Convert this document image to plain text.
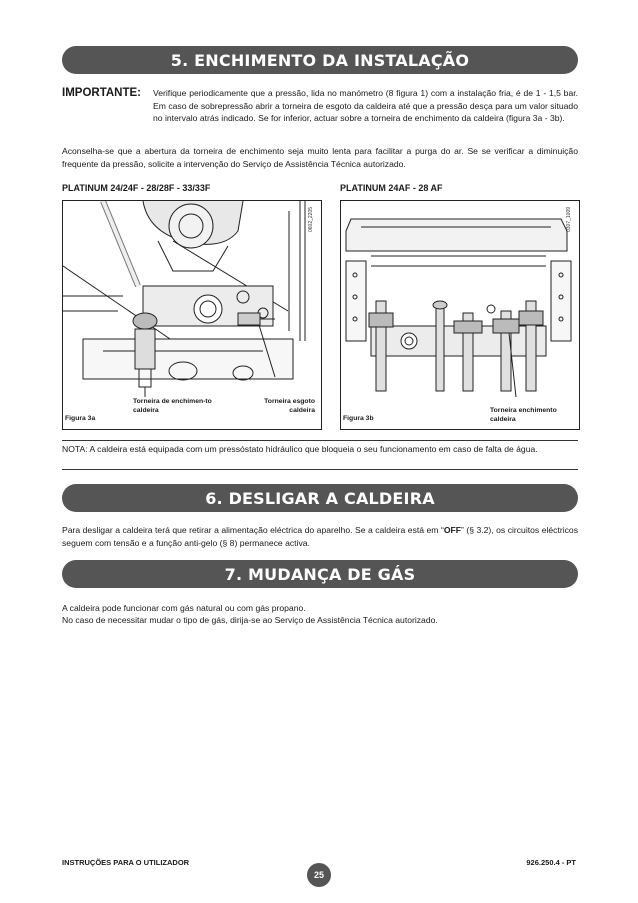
5. ENCHIMENTO DA INSTALAÇÃO
IMPORTANTE: Verifique periodicamente que a pressão, lida no manómetro (8 figura 1) com a instalação fria, é de 1 - 1,5 bar. Em caso de sobrepressão abrir a torneira de esgoto da caldeira até que a pressão desça para um valor situado no intervalo atrás indicado. Se for inferior, actuar sobre a torneira de enchimento da caldeira (figura 3a - 3b).
Aconselha-se que a abertura da torneira de enchimento seja muito lenta para facilitar a purga do ar. Se se verificar a diminuição frequente da pressão, solicite a intervenção do Serviço de Assistência Técnica autorizado.
PLATINUM 24/24F - 28/28F - 33/33F	PLATINUM 24AF - 28 AF
0602_2205
Figura 3a
Torneira de enchimen-to caldeira
Torneira esgoto caldeira
0307_1009
Figura 3b
Torneira enchimento caldeira
NOTA: A caldeira está equipada com um pressóstato hidráulico que bloqueia o seu funcionamento em caso de falta de água.
6. DESLIGAR A CALDEIRA
Para desligar a caldeira terá que retirar a alimentação eléctrica do aparelho. Se a caldeira está em “OFF” (§ 3.2), os circuitos eléctricos seguem com tensão e a função anti-gelo (§ 8) permanece activa.
7. MUDANÇA DE GÁS
A caldeira pode funcionar com gás natural ou com gás propano.
No caso de necessitar mudar o tipo de gás, dirija-se ao Serviço de Assistência Técnica autorizado.
INSTRUÇÕES PARA O UTILIZADOR
25
926.250.4 - PT
